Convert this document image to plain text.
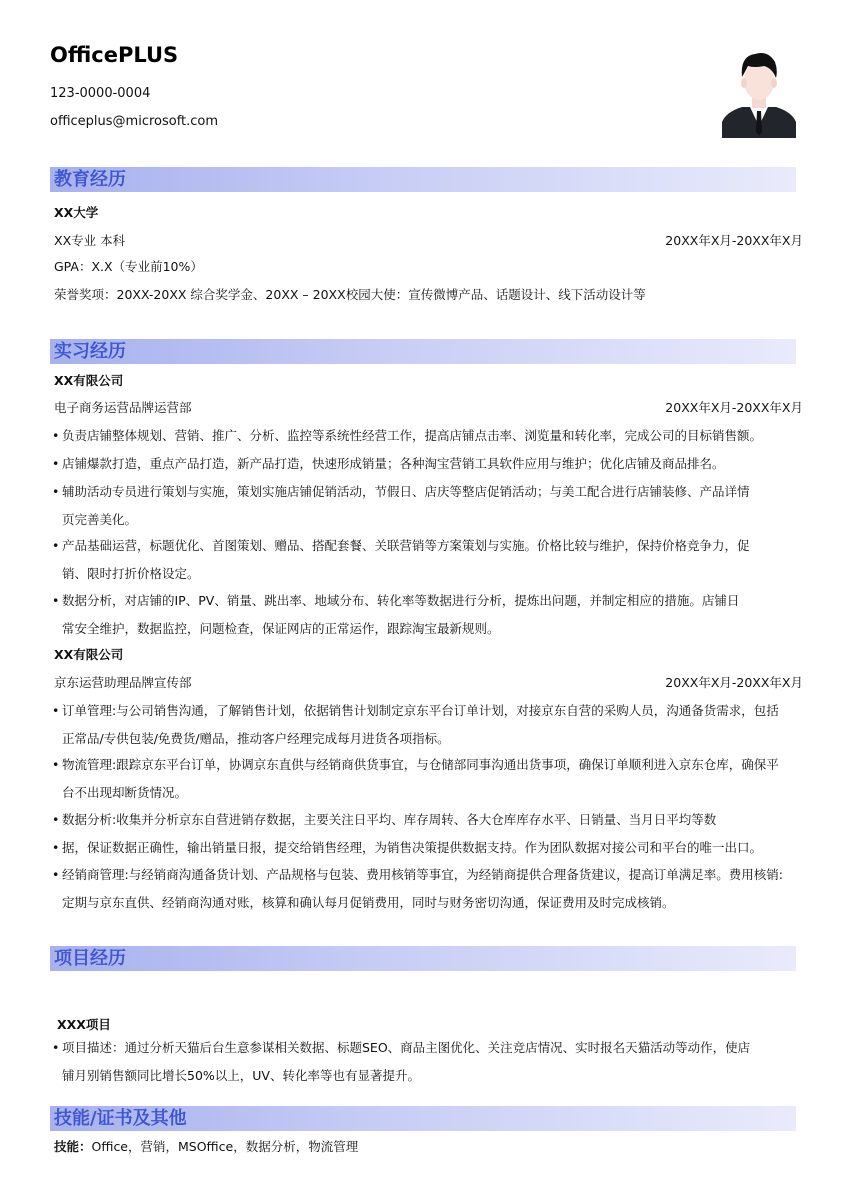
OfficePLUS
123-0000-0004
officeplus@microsoft.com
教育经历
XX大学
XX专业 本科	20XX年X月-20XX年X月
GPA：X.X（专业前10%）
荣誉奖项：20XX-20XX 综合奖学金、20XX – 20XX校园大使：宣传微博产品、话题设计、线下活动设计等
实习经历
XX有限公司
电子商务运营品牌运营部	20XX年X月-20XX年X月
• 负责店铺整体规划、营销、推广、分析、监控等系统性经营工作，提高店铺点击率、浏览量和转化率，完成公司的目标销售额。
• 店铺爆款打造，重点产品打造，新产品打造，快速形成销量；各种淘宝营销工具软件应用与维护；优化店铺及商品排名。
• 辅助活动专员进行策划与实施，策划实施店铺促销活动，节假日、店庆等整店促销活动；与美工配合进行店铺装修、产品详情
页完善美化。
• 产品基础运营，标题优化、首图策划、赠品、搭配套餐、关联营销等方案策划与实施。价格比较与维护，保持价格竞争力，促
销、限时打折价格设定。
• 数据分析，对店铺的IP、PV、销量、跳出率、地域分布、转化率等数据进行分析，提炼出问题，并制定相应的措施。店铺日
常安全维护，数据监控，问题检查，保证网店的正常运作，跟踪淘宝最新规则。
XX有限公司
京东运营助理品牌宣传部	20XX年X月-20XX年X月
• 订单管理:与公司销售沟通，了解销售计划，依据销售计划制定京东平台订单计划，对接京东自营的采购人员，沟通备货需求，包括
正常品/专供包装/免费货/赠品，推动客户经理完成每月进货各项指标。
• 物流管理:跟踪京东平台订单，协调京东直供与经销商供货事宜，与仓储部同事沟通出货事项，确保订单顺利进入京东仓库，确保平
台不出现却断货情况。
• 数据分析:收集并分析京东自营进销存数据，主要关注日平均、库存周转、各大仓库库存水平、日销量、当月日平均等数
• 据，保证数据正确性，输出销量日报，提交给销售经理，为销售决策提供数据支持。作为团队数据对接公司和平台的唯一出口。
• 经销商管理:与经销商沟通备货计划、产品规格与包装、费用核销等事宜，为经销商提供合理备货建议，提高订单满足率。费用核销:
定期与京东直供、经销商沟通对账，核算和确认每月促销费用，同时与财务密切沟通，保证费用及时完成核销。
项目经历
XXX项目
• 项目描述：通过分析天猫后台生意参谋相关数据、标题SEO、商品主图优化、关注竞店情况、实时报名天猫活动等动作，使店
铺月别销售额同比增长50%以上，UV、转化率等也有显著提升。
技能/证书及其他
技能：Office，营销，MSOffice，数据分析，物流管理
